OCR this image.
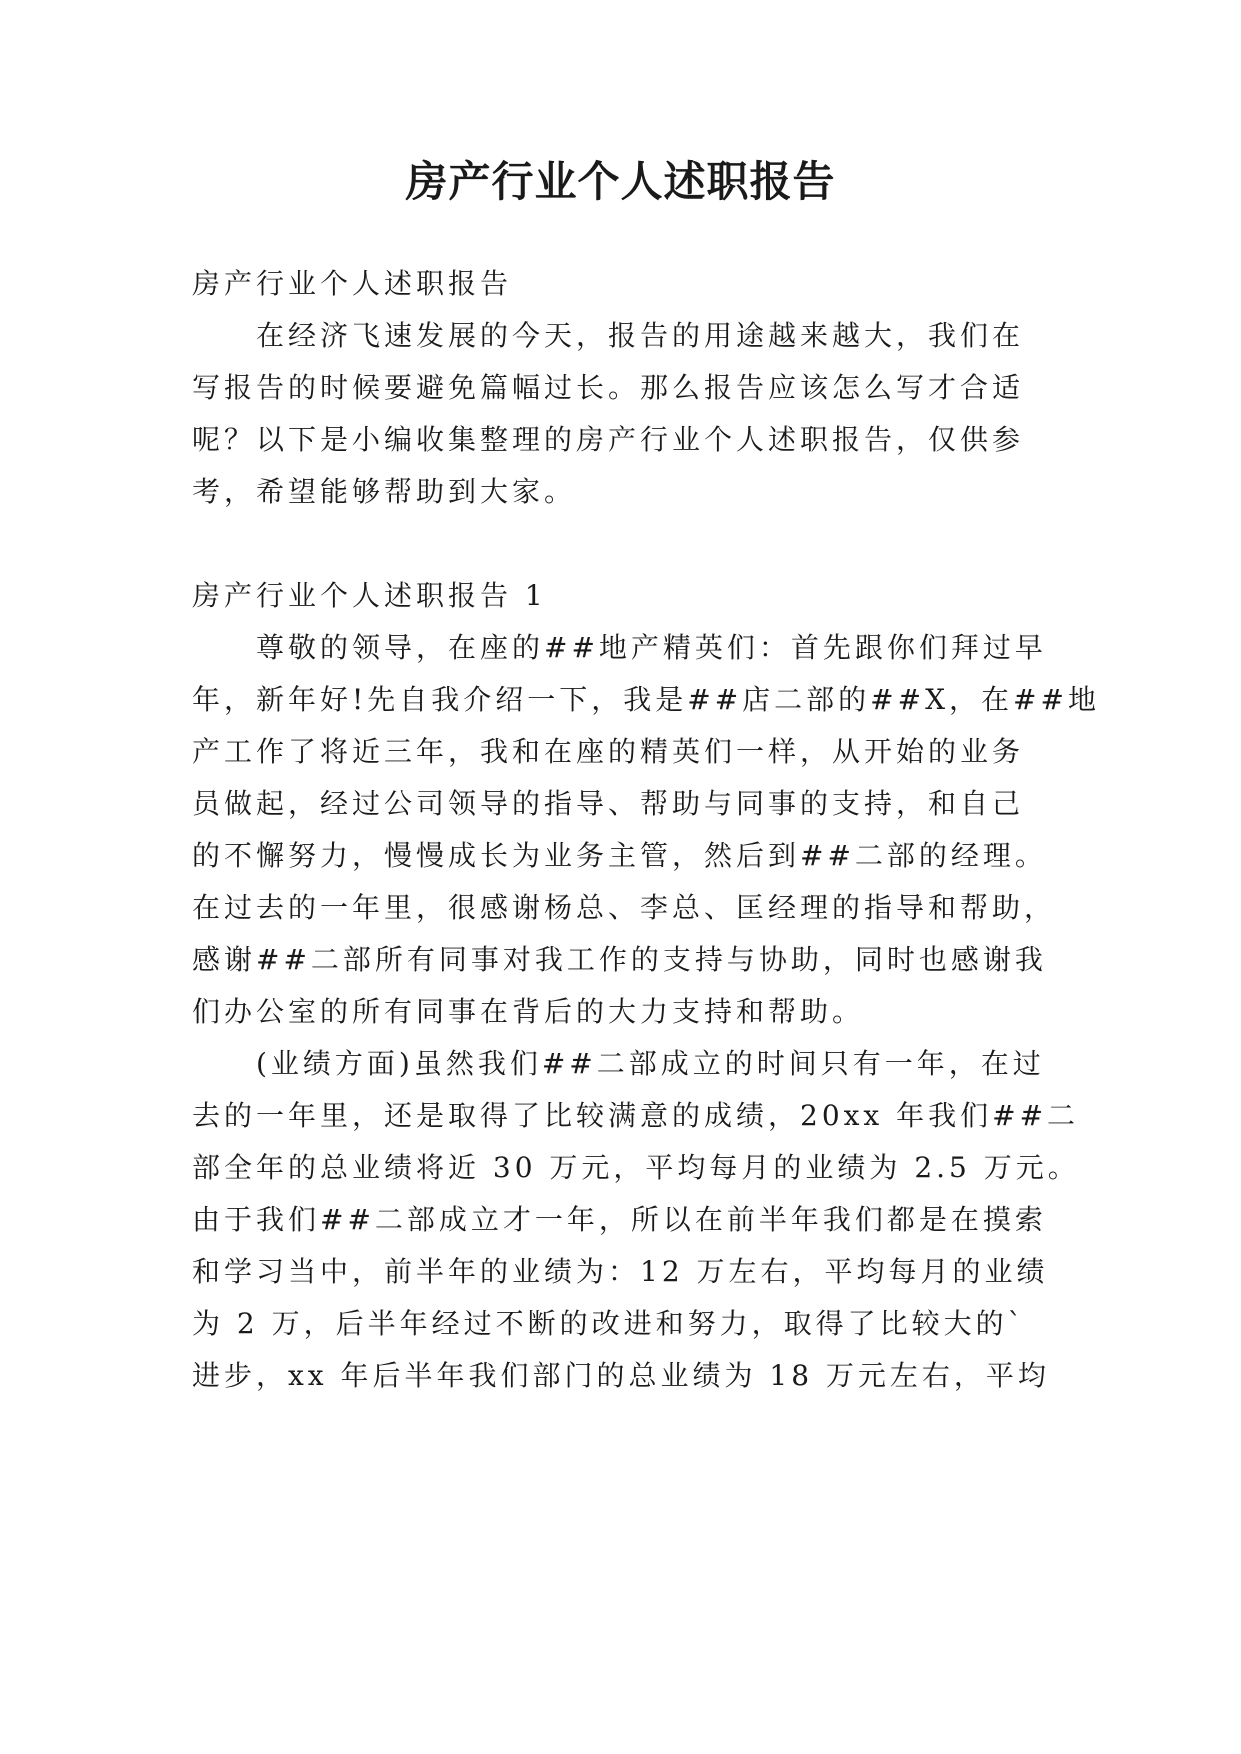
房产行业个人述职报告
房产行业个人述职报告
在经济飞速发展的今天，报告的用途越来越大，我们在
写报告的时候要避免篇幅过长。那么报告应该怎么写才合适
呢？以下是小编收集整理的房产行业个人述职报告，仅供参
考，希望能够帮助到大家。
房产行业个人述职报告 1
尊敬的领导，在座的##地产精英们：首先跟你们拜过早
年，新年好!先自我介绍一下，我是##店二部的##X，在##地
产工作了将近三年，我和在座的精英们一样，从开始的业务
员做起，经过公司领导的指导、帮助与同事的支持，和自己
的不懈努力，慢慢成长为业务主管，然后到##二部的经理。
在过去的一年里，很感谢杨总、李总、匡经理的指导和帮助，
感谢##二部所有同事对我工作的支持与协助，同时也感谢我
们办公室的所有同事在背后的大力支持和帮助。
(业绩方面)虽然我们##二部成立的时间只有一年，在过
去的一年里，还是取得了比较满意的成绩，20xx 年我们##二
部全年的总业绩将近 30 万元，平均每月的业绩为 2.5 万元。
由于我们##二部成立才一年，所以在前半年我们都是在摸索
和学习当中，前半年的业绩为：12 万左右，平均每月的业绩
为 2 万，后半年经过不断的改进和努力，取得了比较大的`
进步，xx 年后半年我们部门的总业绩为 18 万元左右，平均
